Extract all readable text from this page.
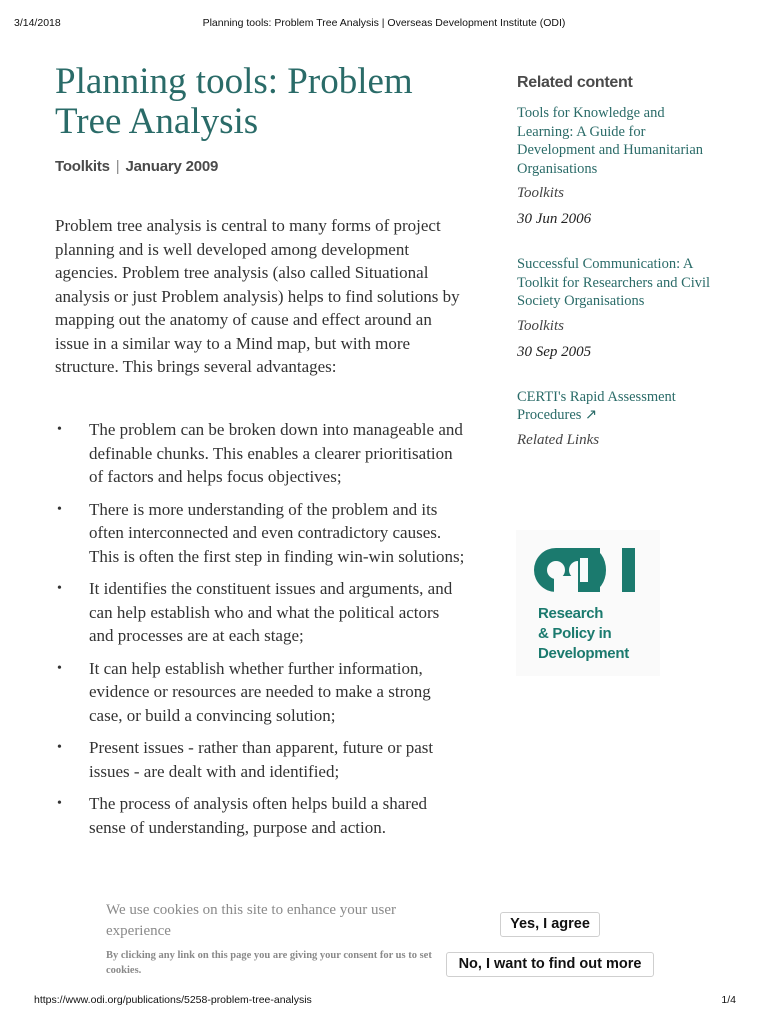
3/14/2018	Planning tools: Problem Tree Analysis | Overseas Development Institute (ODI)
Planning tools: Problem Tree Analysis
Toolkits | January 2009

Problem tree analysis is central to many forms of project planning and is well developed among development agencies. Problem tree analysis (also called Situational analysis or just Problem analysis) helps to find solutions by mapping out the anatomy of cause and effect around an issue in a similar way to a Mind map, but with more structure. This brings several advantages:

• The problem can be broken down into manageable and definable chunks. This enables a clearer prioritisation of factors and helps focus objectives;
• There is more understanding of the problem and its often interconnected and even contradictory causes. This is often the first step in finding win-win solutions;
• It identifies the constituent issues and arguments, and can help establish who and what the political actors and processes are at each stage;
• It can help establish whether further information, evidence or resources are needed to make a strong case, or build a convincing solution;
• Present issues - rather than apparent, future or past issues - are dealt with and identified;
• The process of analysis often helps build a shared sense of understanding, purpose and action.
Related content
Tools for Knowledge and Learning: A Guide for Development and Humanitarian Organisations
Toolkits
30 Jun 2006
Successful Communication: A Toolkit for Researchers and Civil Society Organisations
Toolkits
30 Sep 2005
CERTI's Rapid Assessment Procedures ↗
Related Links
Research
& Policy in
Development
We use cookies on this site to enhance your user experience
By clicking any link on this page you are giving your consent for us to set cookies.
Yes, I agree
No, I want to find out more
https://www.odi.org/publications/5258-problem-tree-analysis	1/4
